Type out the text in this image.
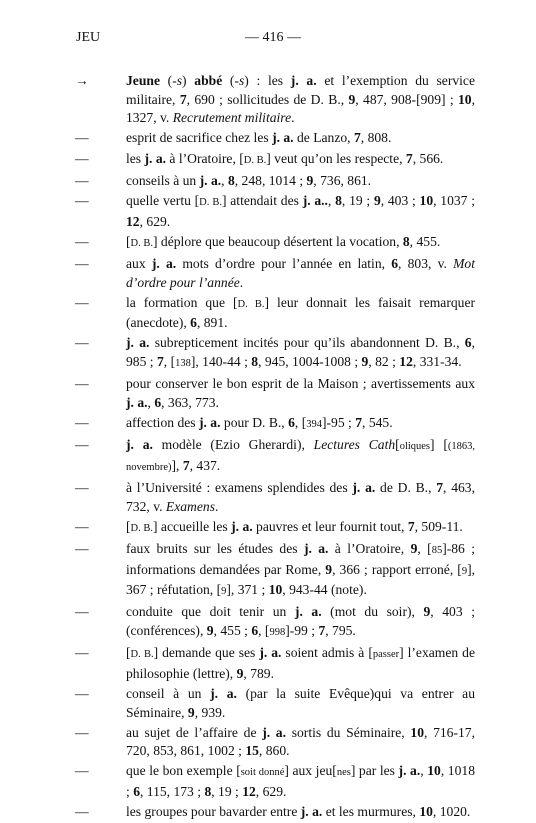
JEU	— 416 —
→	Jeune (-s) abbé (-s) : les j. a. et l’exemption du service militaire, 7, 690 ; sollicitudes de D. B., 9, 487, 908-[909] ; 10, 1327, v. Recrutement militaire.
—	esprit de sacrifice chez les j. a. de Lanzo, 7, 808.
—	les j. a. à l’Oratoire, [D. B.] veut qu’on les respecte, 7, 566.
—	conseils à un j. a., 8, 248, 1014 ; 9, 736, 861.
—	quelle vertu [D. B.] attendait des j. a.., 8, 19 ; 9, 403 ; 10, 1037 ; 12, 629.
—	[D. B.] déplore que beaucoup désertent la vocation, 8, 455.
—	aux j. a. mots d’ordre pour l’année en latin, 6, 803, v. Mot d’ordre pour l’année.
—	la formation que [D. B.] leur donnait les faisait remarquer (anecdote), 6, 891.
—	j. a. subrepticement incités pour qu’ils abandonnent D. B., 6, 985 ; 7, [138], 140-44 ; 8, 945, 1004-1008 ; 9, 82 ; 12, 331-34.
—	pour conserver le bon esprit de la Maison ; avertissements aux j. a., 6, 363, 773.
—	affection des j. a. pour D. B., 6, [394]-95 ; 7, 545.
—	j. a. modèle (Ezio Gherardi), Lectures Cath[oliques] [(1863, novembre)], 7, 437.
—	à l’Université : examens splendides des j. a. de D. B., 7, 463, 732, v. Examens.
—	[D. B.] accueille les j. a. pauvres et leur fournit tout, 7, 509-11.
—	faux bruits sur les études des j. a. à l’Oratoire, 9, [85]-86 ; informations demandées par Rome, 9, 366 ; rapport erroné, [9], 367 ; réfutation, [9], 371 ; 10, 943-44 (note).
—	conduite que doit tenir un j. a. (mot du soir), 9, 403 ; (conférences), 9, 455 ; 6, [998]-99 ; 7, 795.
—	[D. B.] demande que ses j. a. soient admis à [passer] l’examen de philosophie (lettre), 9, 789.
—	conseil à un j. a. (par la suite Evêque)qui va entrer au Séminaire, 9, 939.
—	au sujet de l’affaire de j. a. sortis du Séminaire, 10, 716-17, 720, 853, 861, 1002 ; 15, 860.
—	que le bon exemple [soit donné] aux jeu[nes] par les j. a., 10, 1018 ; 6, 115, 173 ; 8, 19 ; 12, 629.
—	les groupes pour bavarder entre j. a. et les murmures, 10, 1020.
